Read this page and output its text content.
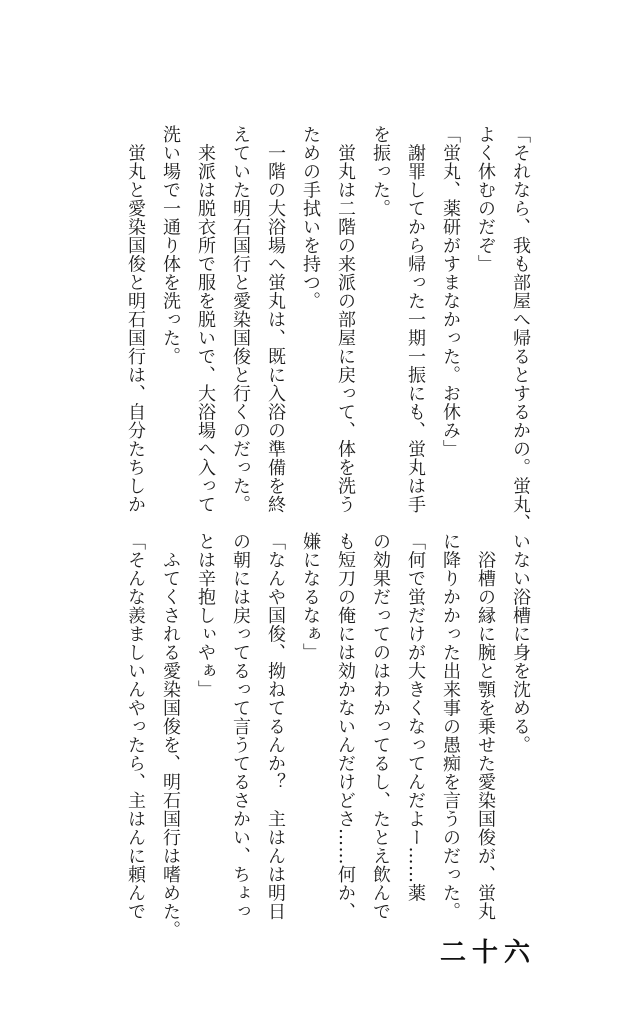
「それなら、我も部屋へ帰るとするかの。蛍丸、
よく休むのだぞ」
「蛍丸、薬研がすまなかった。お休み」
　謝罪してから帰った一期一振にも、蛍丸は手
を振った。
　蛍丸は二階の来派の部屋に戻って、体を洗う
ための手拭いを持つ。
　一階の大浴場へ蛍丸は、既に入浴の準備を終
えていた明石国行と愛染国俊と行くのだった。
　来派は脱衣所で服を脱いで、大浴場へ入って
洗い場で一通り体を洗った。
　蛍丸と愛染国俊と明石国行は、自分たちしか
いない浴槽に身を沈める。
　浴槽の縁に腕と顎を乗せた愛染国俊が、蛍丸
に降りかかった出来事の愚痴を言うのだった。
「何で蛍だけが大きくなってんだよー……薬
の効果だってのはわかってるし、たとえ飲んで
も短刀の俺には効かないんだけどさ……何か、
嫌になるなぁ」
「なんや国俊、拗ねてるんか？　主はんは明日
の朝には戻ってるって言うてるさかい、ちょっ
とは辛抱しぃやぁ」
　ふてくされる愛染国俊を、明石国行は嗜めた。
「そんな羨ましいんやったら、主はんに頼んで
二十六
